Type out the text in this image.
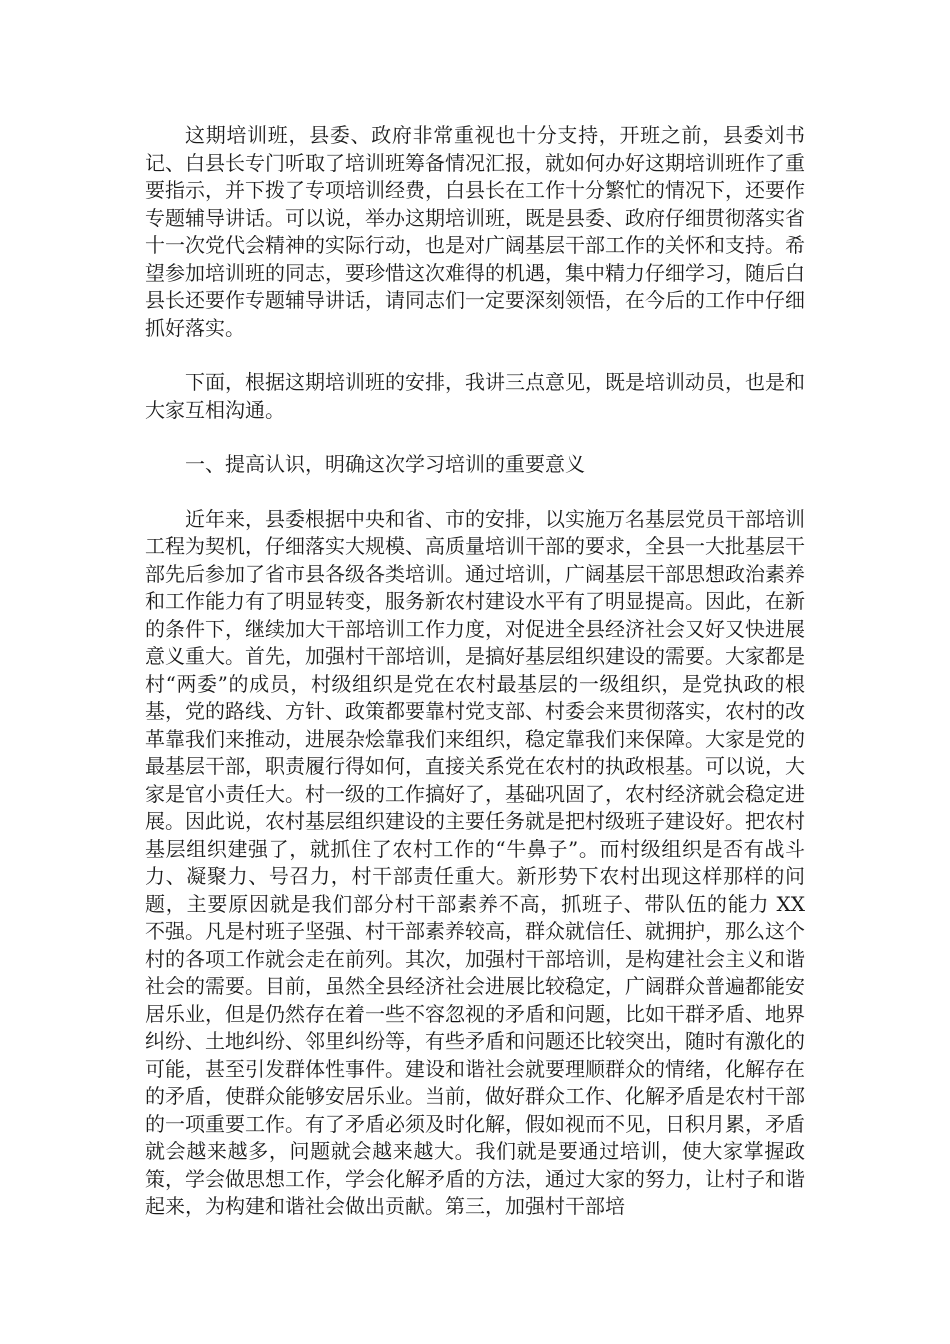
这期培训班，县委、政府非常重视也十分支持，开班之前，县委刘书记、白县长专门听取了培训班筹备情况汇报，就如何办好这期培训班作了重要指示，并下拨了专项培训经费，白县长在工作十分繁忙的情况下，还要作专题辅导讲话。可以说，举办这期培训班，既是县委、政府仔细贯彻落实省十一次党代会精神的实际行动，也是对广阔基层干部工作的关怀和支持。希望参加培训班的同志，要珍惜这次难得的机遇，集中精力仔细学习，随后白县长还要作专题辅导讲话，请同志们一定要深刻领悟，在今后的工作中仔细抓好落实。

下面，根据这期培训班的安排，我讲三点意见，既是培训动员，也是和大家互相沟通。

一、提高认识，明确这次学习培训的重要意义

近年来，县委根据中央和省、市的安排，以实施万名基层党员干部培训工程为契机，仔细落实大规模、高质量培训干部的要求，全县一大批基层干部先后参加了省市县各级各类培训。通过培训，广阔基层干部思想政治素养和工作能力有了明显转变，服务新农村建设水平有了明显提高。因此，在新的条件下，继续加大干部培训工作力度，对促进全县经济社会又好又快进展意义重大。首先，加强村干部培训，是搞好基层组织建设的需要。大家都是村“两委”的成员，村级组织是党在农村最基层的一级组织，是党执政的根基，党的路线、方针、政策都要靠村党支部、村委会来贯彻落实，农村的改革靠我们来推动，进展杂烩靠我们来组织，稳定靠我们来保障。大家是党的最基层干部，职责履行得如何，直接关系党在农村的执政根基。可以说，大家是官小责任大。村一级的工作搞好了，基础巩固了，农村经济就会稳定进展。因此说，农村基层组织建设的主要任务就是把村级班子建设好。把农村基层组织建强了，就抓住了农村工作的“牛鼻子”。而村级组织是否有战斗力、凝聚力、号召力，村干部责任重大。新形势下农村出现这样那样的问题，主要原因就是我们部分村干部素养不高，抓班子、带队伍的能力 XX 不强。凡是村班子坚强、村干部素养较高，群众就信任、就拥护，那么这个村的各项工作就会走在前列。其次，加强村干部培训，是构建社会主义和谐社会的需要。目前，虽然全县经济社会进展比较稳定，广阔群众普遍都能安居乐业，但是仍然存在着一些不容忽视的矛盾和问题，比如干群矛盾、地界纠纷、土地纠纷、邻里纠纷等，有些矛盾和问题还比较突出，随时有激化的可能，甚至引发群体性事件。建设和谐社会就要理顺群众的情绪，化解存在的矛盾，使群众能够安居乐业。当前，做好群众工作、化解矛盾是农村干部的一项重要工作。有了矛盾必须及时化解，假如视而不见，日积月累，矛盾就会越来越多，问题就会越来越大。我们就是要通过培训，使大家掌握政策，学会做思想工作，学会化解矛盾的方法，通过大家的努力，让村子和谐起来，为构建和谐社会做出贡献。第三，加强村干部培
